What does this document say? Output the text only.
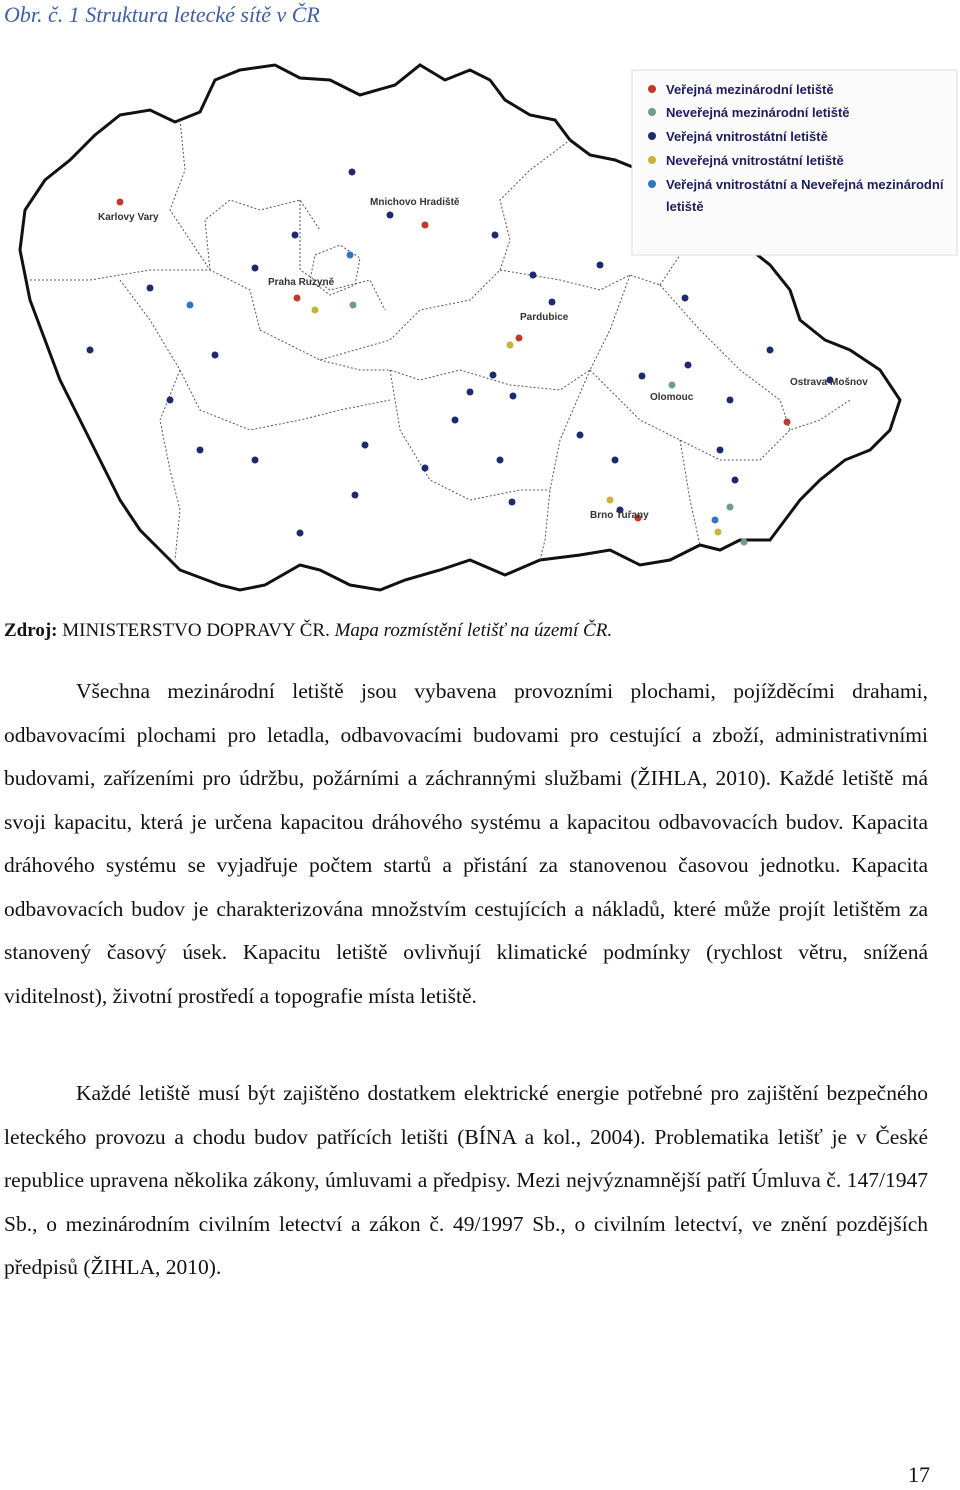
Obr. č. 1 Struktura letecké sítě v ČR
Veřejná mezinárodní letiště
Neveřejná mezinárodní letiště
Veřejná vnitrostátní letiště
Neveřejná vnitrostátní letiště
Veřejná vnitrostátní a Neveřejná mezinárodní
letiště
Karlovy Vary
Mnichovo Hradiště
Praha Ruzyně
Pardubice
Olomouc
Ostrava Mošnov
Brno Tuřany
Zdroj: MINISTERSTVO DOPRAVY ČR. Mapa rozmístění letišť na území ČR.

Všechna mezinárodní letiště jsou vybavena provozními plochami, pojížděcími drahami, odbavovacími plochami pro letadla, odbavovacími budovami pro cestující a zboží, administrativními budovami, zařízeními pro údržbu, požárními a záchrannými službami (ŽIHLA, 2010). Každé letiště má svoji kapacitu, která je určena kapacitou dráhového systému a kapacitou odbavovacích budov. Kapacita dráhového systému se vyjadřuje počtem startů a přistání za stanovenou časovou jednotku. Kapacita odbavovacích budov je charakterizována množstvím cestujících a nákladů, které může projít letištěm za stanovený časový úsek. Kapacitu letiště ovlivňují klimatické podmínky (rychlost větru, snížená viditelnost), životní prostředí a topografie místa letiště.

Každé letiště musí být zajištěno dostatkem elektrické energie potřebné pro zajištění bezpečného leteckého provozu a chodu budov patřících letišti (BÍNA a kol., 2004). Problematika letišť je v České republice upravena několika zákony, úmluvami a předpisy. Mezi nejvýznamnější patří Úmluva č. 147/1947 Sb., o mezinárodním civilním letectví a zákon č. 49/1997 Sb., o civilním letectví, ve znění pozdějších předpisů (ŽIHLA, 2010).

17
